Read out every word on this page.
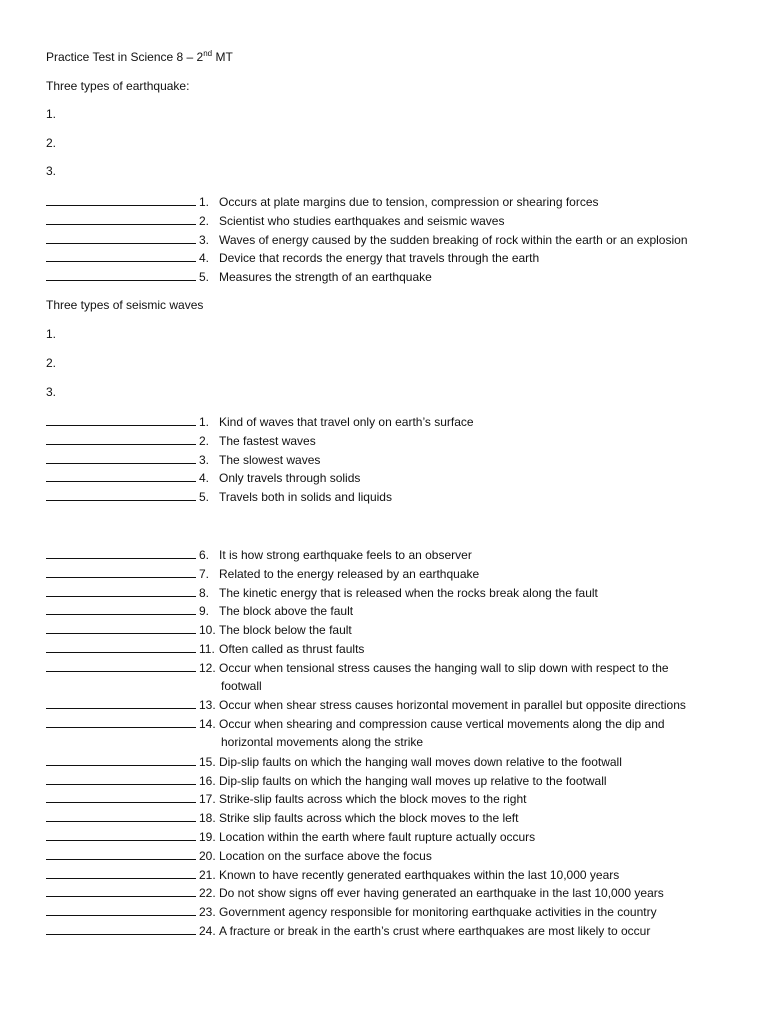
Practice Test in Science 8 – 2nd MT
Three types of earthquake:
1.
2.
3.
1. Occurs at plate margins due to tension, compression or shearing forces
2. Scientist who studies earthquakes and seismic waves
3. Waves of energy caused by the sudden breaking of rock within the earth or an explosion
4. Device that records the energy that travels through the earth
5. Measures the strength of an earthquake
Three types of seismic waves
1.
2.
3.
1. Kind of waves that travel only on earth’s surface
2. The fastest waves
3. The slowest waves
4. Only travels through solids
5. Travels both in solids and liquids
6. It is how strong earthquake feels to an observer
7. Related to the energy released by an earthquake
8. The kinetic energy that is released when the rocks break along the fault
9. The block above the fault
10. The block below the fault
11. Often called as thrust faults
12. Occur when tensional stress causes the hanging wall to slip down with respect to the
footwall
13. Occur when shear stress causes horizontal movement in parallel but opposite directions
14. Occur when shearing and compression cause vertical movements along the dip and
horizontal movements along the strike
15. Dip-slip faults on which the hanging wall moves down relative to the footwall
16. Dip-slip faults on which the hanging wall moves up relative to the footwall
17. Strike-slip faults across which the block moves to the right
18. Strike slip faults across which the block moves to the left
19. Location within the earth where fault rupture actually occurs
20. Location on the surface above the focus
21. Known to have recently generated earthquakes within the last 10,000 years
22. Do not show signs off ever having generated an earthquake in the last 10,000 years
23. Government agency responsible for monitoring earthquake activities in the country
24. A fracture or break in the earth’s crust where earthquakes are most likely to occur
